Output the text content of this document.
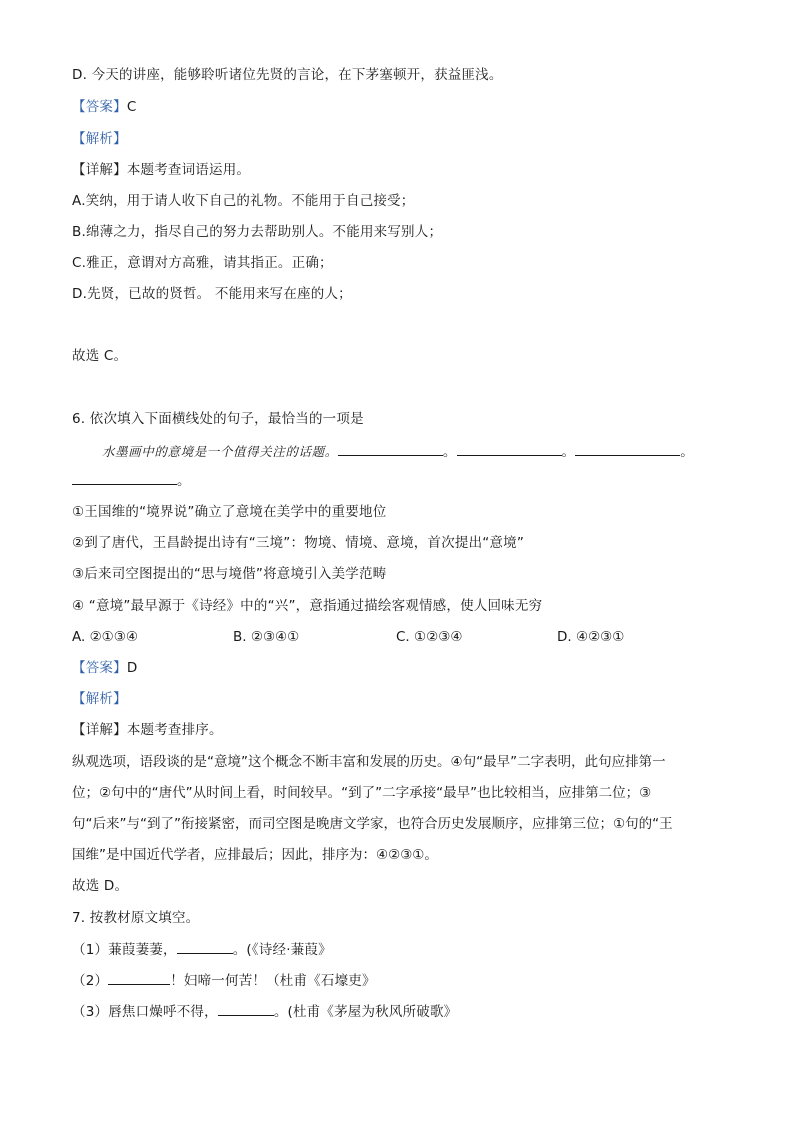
D. 今天的讲座，能够聆听诸位先贤的言论，在下茅塞顿开，获益匪浅。
【答案】C
【解析】
【详解】本题考查词语运用。
A.笑纳，用于请人收下自己的礼物。不能用于自己接受；
B.绵薄之力，指尽自己的努力去帮助别人。不能用来写别人；
C.雅正，意谓对方高雅，请其指正。正确；
D.先贤，已故的贤哲。 不能用来写在座的人；
故选 C。
6. 依次填入下面横线处的句子，最恰当的一项是
水墨画中的意境是一个值得关注的话题。	。	。	。
。
①王国维的“境界说”确立了意境在美学中的重要地位
②到了唐代，王昌龄提出诗有“三境”：物境、情境、意境，首次提出“意境”
③后来司空图提出的“思与境偕”将意境引入美学范畴
④ “意境”最早源于《诗经》中的“兴”，意指通过描绘客观情感，使人回味无穷
A. ②①③④	B. ②③④①	C. ①②③④	D. ④②③①
【答案】D
【解析】
【详解】本题考查排序。
纵观选项，语段谈的是“意境”这个概念不断丰富和发展的历史。④句“最早”二字表明，此句应排第一
位；②句中的“唐代”从时间上看，时间较早。“到了”二字承接“最早”也比较相当，应排第二位；③
句“后来”与“到了”衔接紧密，而司空图是晚唐文学家，也符合历史发展顺序，应排第三位；①句的“王
国维”是中国近代学者，应排最后；因此，排序为：④②③①。
故选 D。
7. 按教材原文填空。
（1）蒹葭萋萋，	。(《诗经·蒹葭》
（2）	！妇啼一何苦！（杜甫《石壕吏》
（3）唇焦口燥呼不得，	。(杜甫《茅屋为秋风所破歌》
